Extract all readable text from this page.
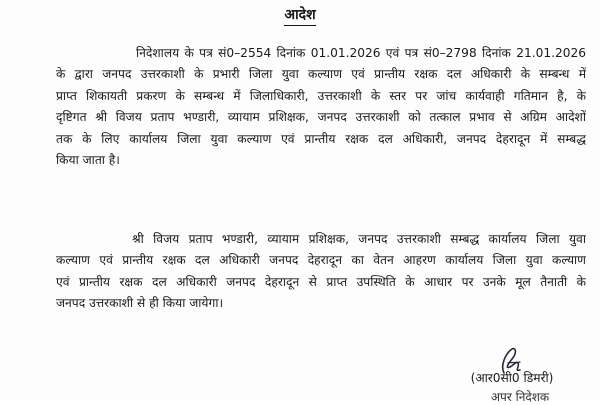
आदेश
निदेशालय के पत्र सं0–2554 दिनांक 01.01.2026 एवं पत्र सं0–2798 दिनांक 21.01.2026
के द्वारा जनपद उत्तरकाशी के प्रभारी जिला युवा कल्याण एवं प्रान्तीय रक्षक दल अधिकारी के सम्बन्ध में
प्राप्त शिकायती प्रकरण के सम्बन्ध में जिलाधिकारी, उत्तरकाशी के स्तर पर जांच कार्यवाही गतिमान है, के
दृष्टिगत श्री विजय प्रताप भण्डारी, व्यायाम प्रशिक्षक, जनपद उत्तरकाशी को तत्काल प्रभाव से अग्रिम आदेशों
तक के लिए कार्यालय जिला युवा कल्याण एवं प्रान्तीय रक्षक दल अधिकारी, जनपद देहरादून में सम्बद्ध
किया जाता है।
श्री विजय प्रताप भण्डारी, व्यायाम प्रशिक्षक, जनपद उत्तरकाशी सम्बद्ध कार्यालय जिला युवा
कल्याण एवं प्रान्तीय रक्षक दल अधिकारी जनपद देहरादून का वेतन आहरण कार्यालय जिला युवा कल्याण
एवं प्रान्तीय रक्षक दल अधिकारी जनपद देहरादून से प्राप्त उपस्थिति के आधार पर उनके मूल तैनाती के
जनपद उत्तरकाशी से ही किया जायेगा।
(आर0सी0 डिमरी)
अपर निदेशक
